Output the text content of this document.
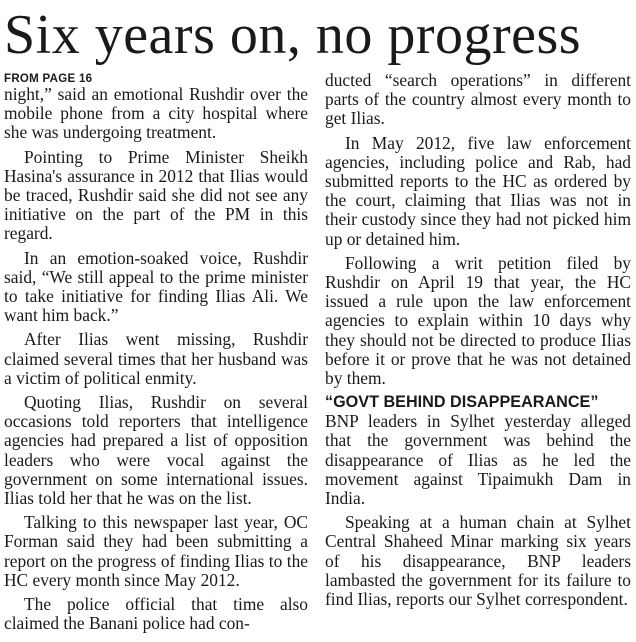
Six years on, no progress
FROM PAGE 16

night,” said an emotional Rushdir over the mobile phone from a city hospital where she was undergoing treatment.

Pointing to Prime Minister Sheikh Hasina's assurance in 2012 that Ilias would be traced, Rushdir said she did not see any initiative on the part of the PM in this regard.

In an emotion-soaked voice, Rushdir said, “We still appeal to the prime minister to take initiative for finding Ilias Ali. We want him back.”

After Ilias went missing, Rushdir claimed several times that her husband was a victim of political enmity.

Quoting Ilias, Rushdir on several occasions told reporters that intelligence agencies had prepared a list of opposition leaders who were vocal against the government on some international issues. Ilias told her that he was on the list.

Talking to this newspaper last year, OC Forman said they had been submitting a report on the progress of finding Ilias to the HC every month since May 2012.

The police official that time also claimed the Banani police had con-

ducted “search operations” in different parts of the country almost every month to get Ilias.

In May 2012, five law enforcement agencies, including police and Rab, had submitted reports to the HC as ordered by the court, claiming that Ilias was not in their custody since they had not picked him up or detained him.

Following a writ petition filed by Rushdir on April 19 that year, the HC issued a rule upon the law enforcement agencies to explain within 10 days why they should not be directed to produce Ilias before it or prove that he was not detained by them.

“GOVT BEHIND DISAPPEARANCE”

BNP leaders in Sylhet yesterday alleged that the government was behind the disappearance of Ilias as he led the movement against Tipaimukh Dam in India.

Speaking at a human chain at Sylhet Central Shaheed Minar marking six years of his disappearance, BNP leaders lambasted the government for its failure to find Ilias, reports our Sylhet correspondent.
